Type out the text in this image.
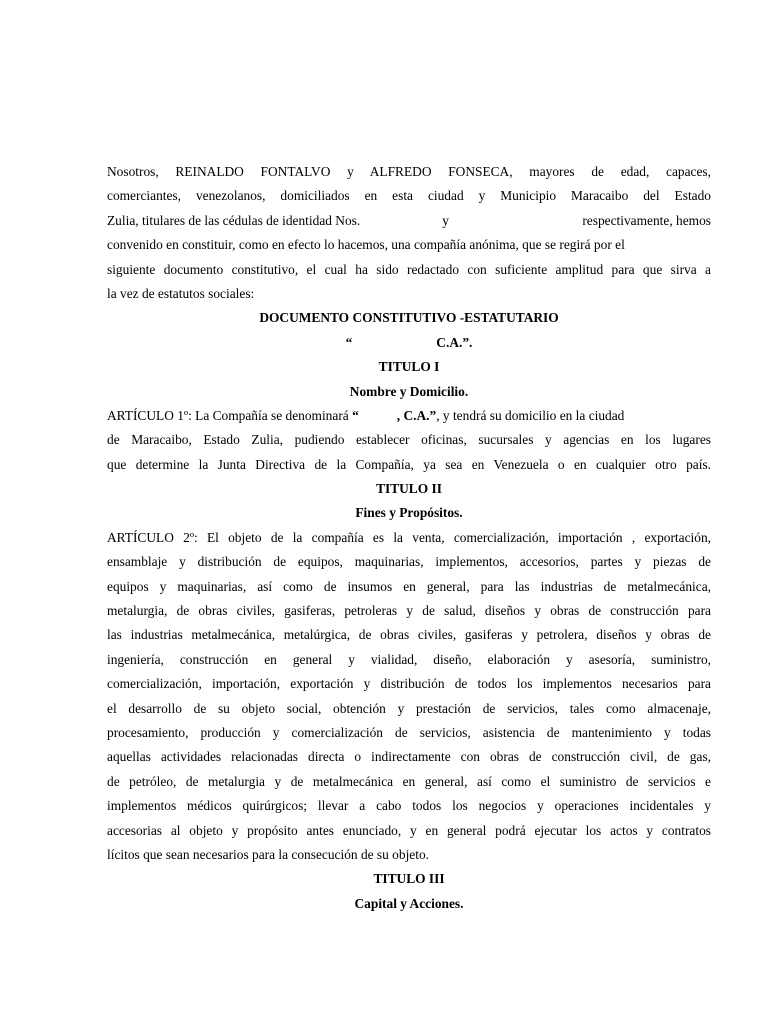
Nosotros, REINALDO FONTALVO y ALFREDO FONSECA, mayores de edad, capaces,
comerciantes, venezolanos, domiciliados en esta ciudad y Municipio Maracaibo del Estado
Zulia, titulares de las cédulas de identidad Nos.	y	respectivamente, hemos
convenido en constituir, como en efecto lo hacemos, una compañía anónima, que se regirá por el
siguiente documento constitutivo, el cual ha sido redactado con suficiente amplitud para que sirva a
la vez de estatutos sociales:
DOCUMENTO CONSTITUTIVO -ESTATUTARIO
“	C.A.”.
TITULO I
Nombre y Domicilio.
ARTÍCULO 1º: La Compañía se denominará “	, C.A.”, y tendrá su domicilio en la ciudad
de Maracaibo, Estado Zulia, pudiendo establecer oficinas, sucursales y agencias en los lugares
que determine la Junta Directiva de la Compañía, ya sea en Venezuela o en cualquier otro país.
TITULO II
Fines y Propósitos.
ARTÍCULO 2º: El objeto de la compañía es la venta, comercialización, importación , exportación,
ensamblaje y distribución de equipos, maquinarias, implementos, accesorios, partes y piezas de
equipos y maquinarias, así como de insumos en general, para las industrias de metalmecánica,
metalurgia, de obras civiles, gasiferas, petroleras y de salud, diseños y obras de construcción para
las industrias metalmecánica, metalúrgica, de obras civiles, gasiferas y petrolera, diseños y obras de
ingeniería, construcción en general y vialidad, diseño, elaboración y asesoría, suministro,
comercialización, importación, exportación y distribución de todos los implementos necesarios para
el desarrollo de su objeto social, obtención y prestación de servicios, tales como almacenaje,
procesamiento, producción y comercialización de servicios, asistencia de mantenimiento y todas
aquellas actividades relacionadas directa o indirectamente con obras de construcción civil, de gas,
de petróleo, de metalurgia y de metalmecánica en general, así como el suministro de servicios e
implementos médicos quirúrgicos; llevar a cabo todos los negocios y operaciones incidentales y
accesorias al objeto y propósito antes enunciado, y en general podrá ejecutar los actos y contratos
lícitos que sean necesarios para la consecución de su objeto.
TITULO III
Capital y Acciones.
